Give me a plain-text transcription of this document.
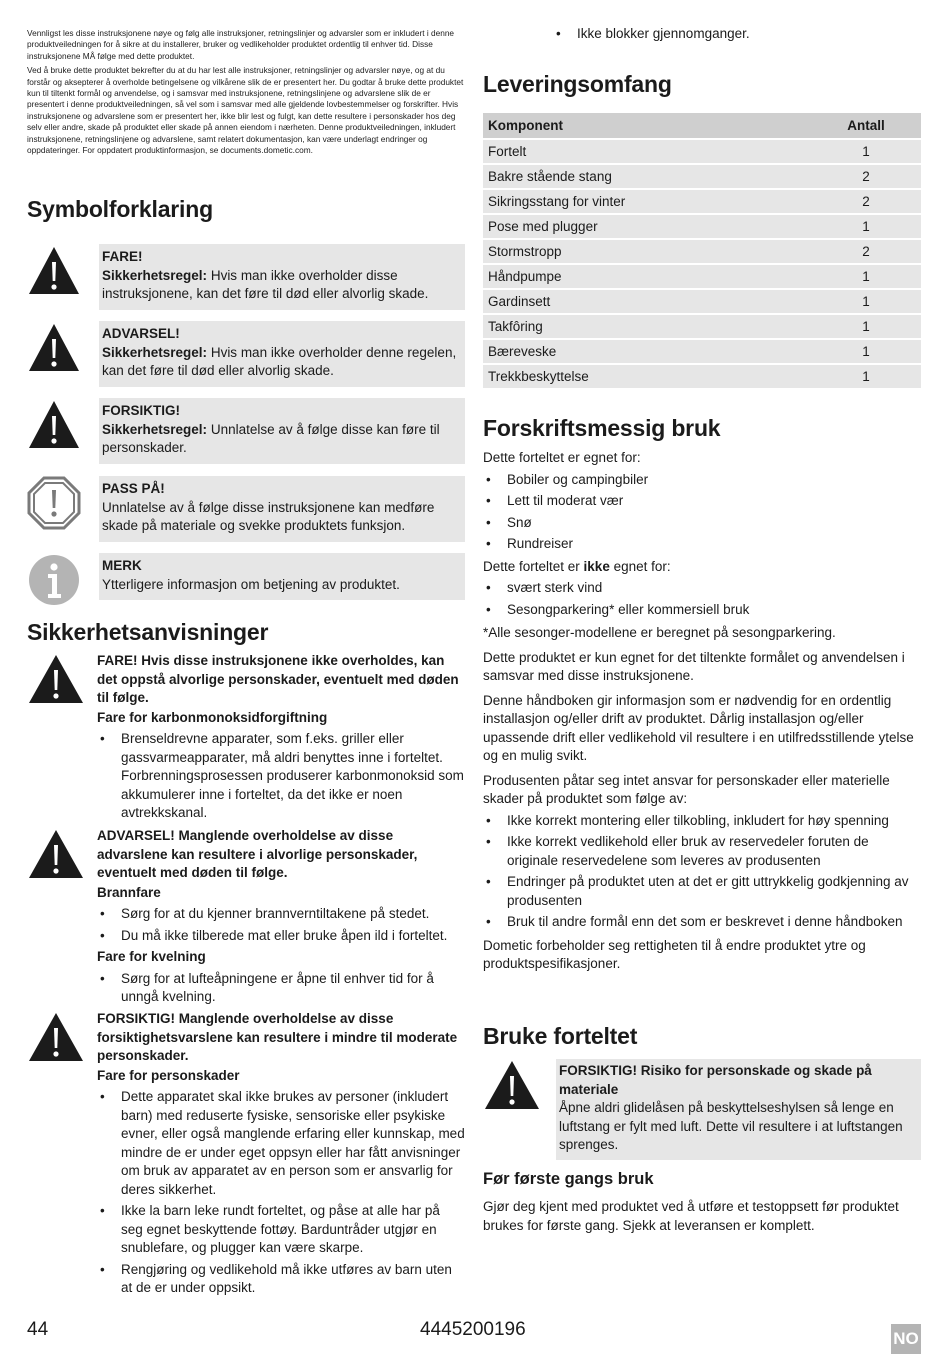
Vennligst les disse instruksjonene nøye og følg alle instruksjoner, retningslinjer og advarsler som er inkludert i denne produktveiledningen for å sikre at du installerer, bruker og vedlikeholder produktet ordentlig til enhver tid. Disse instruksjonene MÅ følge med dette produktet.

Ved å bruke dette produktet bekrefter du at du har lest alle instruksjoner, retningslinjer og advarsler nøye, og at du forstår og aksepterer å overholde betingelsene og vilkårene slik de er presentert her. Du godtar å bruke dette produktet kun til tiltenkt formål og anvendelse, og i samsvar med instruksjonene, retningslinjene og advarslene slik de er presentert i denne produktveiledningen, så vel som i samsvar med alle gjeldende lovbestemmelser og forskrifter. Hvis instruksjonene og advarslene som er presentert her, ikke blir lest og fulgt, kan dette resultere i personskader hos deg selv eller andre, skade på produktet eller skade på annen eiendom i nærheten. Denne produktveiledningen, inkludert instruksjonene, retningslinjene og advarslene, samt relatert dokumentasjon, kan være underlagt endringer og oppdateringer. For oppdatert produktinformasjon, se documents.dometic.com.

Symbolforklaring
FARE!
Sikkerhetsregel: Hvis man ikke overholder disse instruksjonene, kan det føre til død eller alvorlig skade.
ADVARSEL!
Sikkerhetsregel: Hvis man ikke overholder denne regelen, kan det føre til død eller alvorlig skade.
FORSIKTIG!
Sikkerhetsregel: Unnlatelse av å følge disse kan føre til personskader.
PASS PÅ!
Unnlatelse av å følge disse instruksjonene kan medføre skade på materiale og svekke produktets funksjon.
MERK
Ytterligere informasjon om betjening av produktet.
Sikkerhetsanvisninger
FARE! Hvis disse instruksjonene ikke overholdes, kan det oppstå alvorlige personskader, eventuelt med døden til følge.
Fare for karbonmonoksidforgiftning
• Brenseldrevne apparater, som f.eks. griller eller gassvarmeapparater, må aldri benyttes inne i forteltet. Forbrenningsprosessen produserer karbonmonoksid som akkumulerer inne i forteltet, da det ikke er noen avtrekkskanal.
ADVARSEL! Manglende overholdelse av disse advarslene kan resultere i alvorlige personskader, eventuelt med døden til følge.
Brannfare
• Sørg for at du kjenner brannverntiltakene på stedet.
• Du må ikke tilberede mat eller bruke åpen ild i forteltet.
Fare for kvelning
• Sørg for at lufteåpningene er åpne til enhver tid for å unngå kvelning.
FORSIKTIG! Manglende overholdelse av disse forsiktighetsvarslene kan resultere i mindre til moderate personskader.
Fare for personskader
• Dette apparatet skal ikke brukes av personer (inkludert barn) med reduserte fysiske, sensoriske eller psykiske evner, eller også manglende erfaring eller kunnskap, med mindre de er under eget oppsyn eller har fått anvisninger om bruk av apparatet av en person som er ansvarlig for deres sikkerhet.
• Ikke la barn leke rundt forteltet, og påse at alle har på seg egnet beskyttende fottøy. Barduntråder utgjør en snublefare, og plugger kan være skarpe.
• Rengjøring og vedlikehold må ikke utføres av barn uten at de er under oppsikt.
• Ikke blokker gjennomganger.
Leveringsomfang
Komponent	Antall
Fortelt	1
Bakre stående stang	2
Sikringsstang for vinter	2
Pose med plugger	1
Stormstropp	2
Håndpumpe	1
Gardinsett	1
Takfôring	1
Bæreveske	1
Trekkbeskyttelse	1
Forskriftsmessig bruk

Dette forteltet er egnet for:

• Bobiler og campingbiler
• Lett til moderat vær
• Snø
• Rundreiser

Dette forteltet er ikke egnet for:

• svært sterk vind
• Sesongparkering* eller kommersiell bruk

*Alle sesonger-modellene er beregnet på sesongparkering.

Dette produktet er kun egnet for det tiltenkte formålet og anvendelsen i samsvar med disse instruksjonene.

Denne håndboken gir informasjon som er nødvendig for en ordentlig installasjon og/eller drift av produktet. Dårlig installasjon og/eller upassende drift eller vedlikehold vil resultere i en utilfredsstillende ytelse og en mulig svikt.

Produsenten påtar seg intet ansvar for personskader eller materielle skader på produktet som følge av:

• Ikke korrekt montering eller tilkobling, inkludert for høy spenning
• Ikke korrekt vedlikehold eller bruk av reservedeler foruten de originale reservedelene som leveres av produsenten
• Endringer på produktet uten at det er gitt uttrykkelig godkjenning av produsenten
• Bruk til andre formål enn det som er beskrevet i denne håndboken

Dometic forbeholder seg rettigheten til å endre produktet ytre og produktspesifikasjoner.

Bruke forteltet
FORSIKTIG! Risiko for personskade og skade på materiale
Åpne aldri glidelåsen på beskyttelseshylsen så lenge en luftstang er fylt med luft. Dette vil resultere i at luftstangen sprenges.
Før første gangs bruk

Gjør deg kjent med produktet ved å utføre et testoppsett før produktet brukes for første gang. Sjekk at leveransen er komplett.

44	4445200196	NO
